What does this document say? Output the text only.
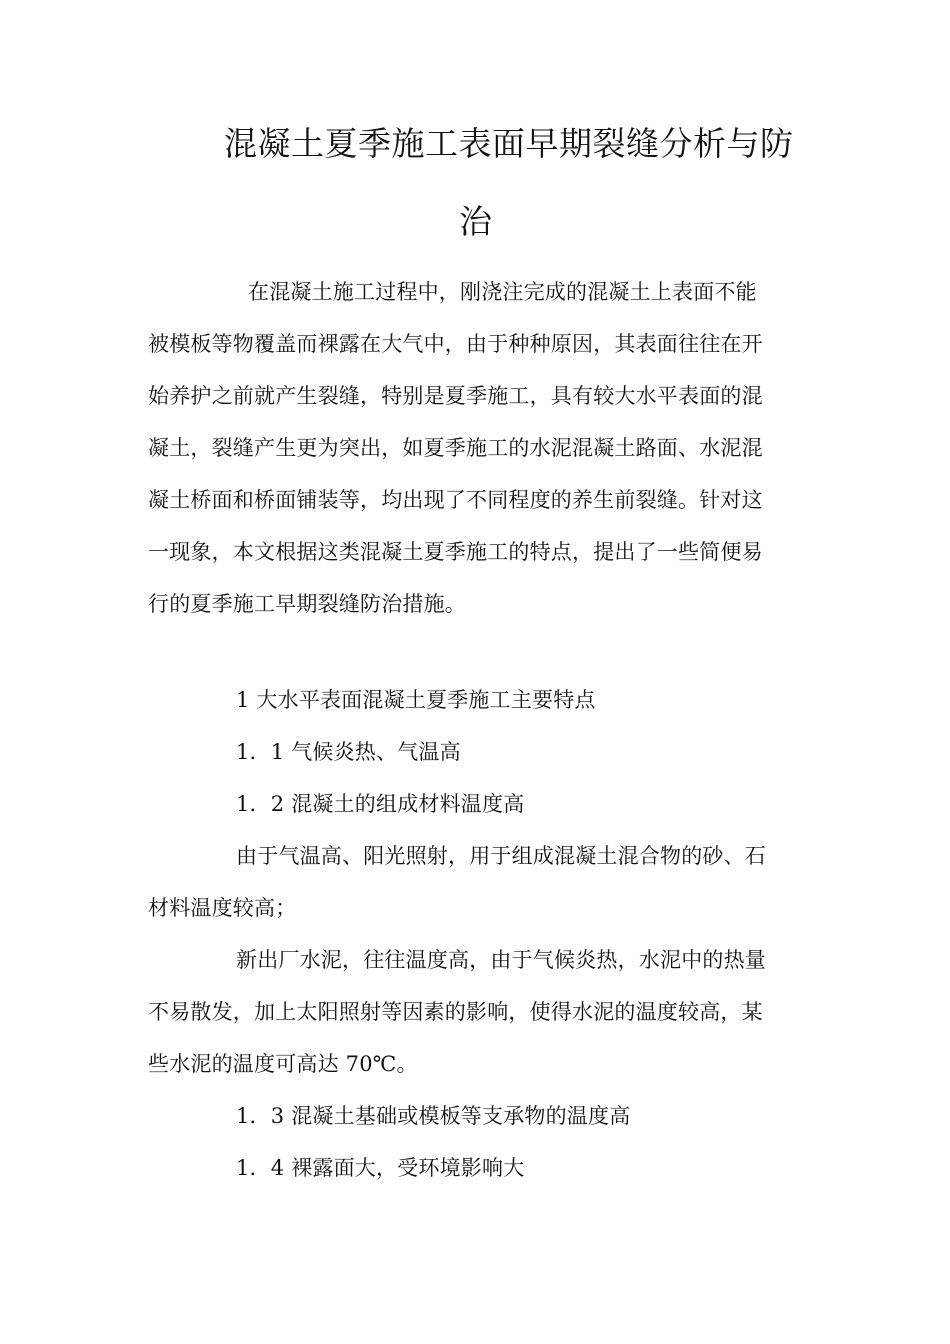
混凝土夏季施工表面早期裂缝分析与防
治
在混凝土施工过程中，刚浇注完成的混凝土上表面不能
被模板等物覆盖而裸露在大气中，由于种种原因，其表面往往在开
始养护之前就产生裂缝，特别是夏季施工，具有较大水平表面的混
凝土，裂缝产生更为突出，如夏季施工的水泥混凝土路面、水泥混
凝土桥面和桥面铺装等，均出现了不同程度的养生前裂缝。针对这
一现象，本文根据这类混凝土夏季施工的特点，提出了一些简便易
行的夏季施工早期裂缝防治措施。
1 大水平表面混凝土夏季施工主要特点
1．1 气候炎热、气温高
1．2 混凝土的组成材料温度高
由于气温高、阳光照射，用于组成混凝土混合物的砂、石
材料温度较高；
新出厂水泥，往往温度高，由于气候炎热，水泥中的热量
不易散发，加上太阳照射等因素的影响，使得水泥的温度较高，某
些水泥的温度可高达 70℃。
1．3 混凝土基础或模板等支承物的温度高
1．4 裸露面大，受环境影响大
